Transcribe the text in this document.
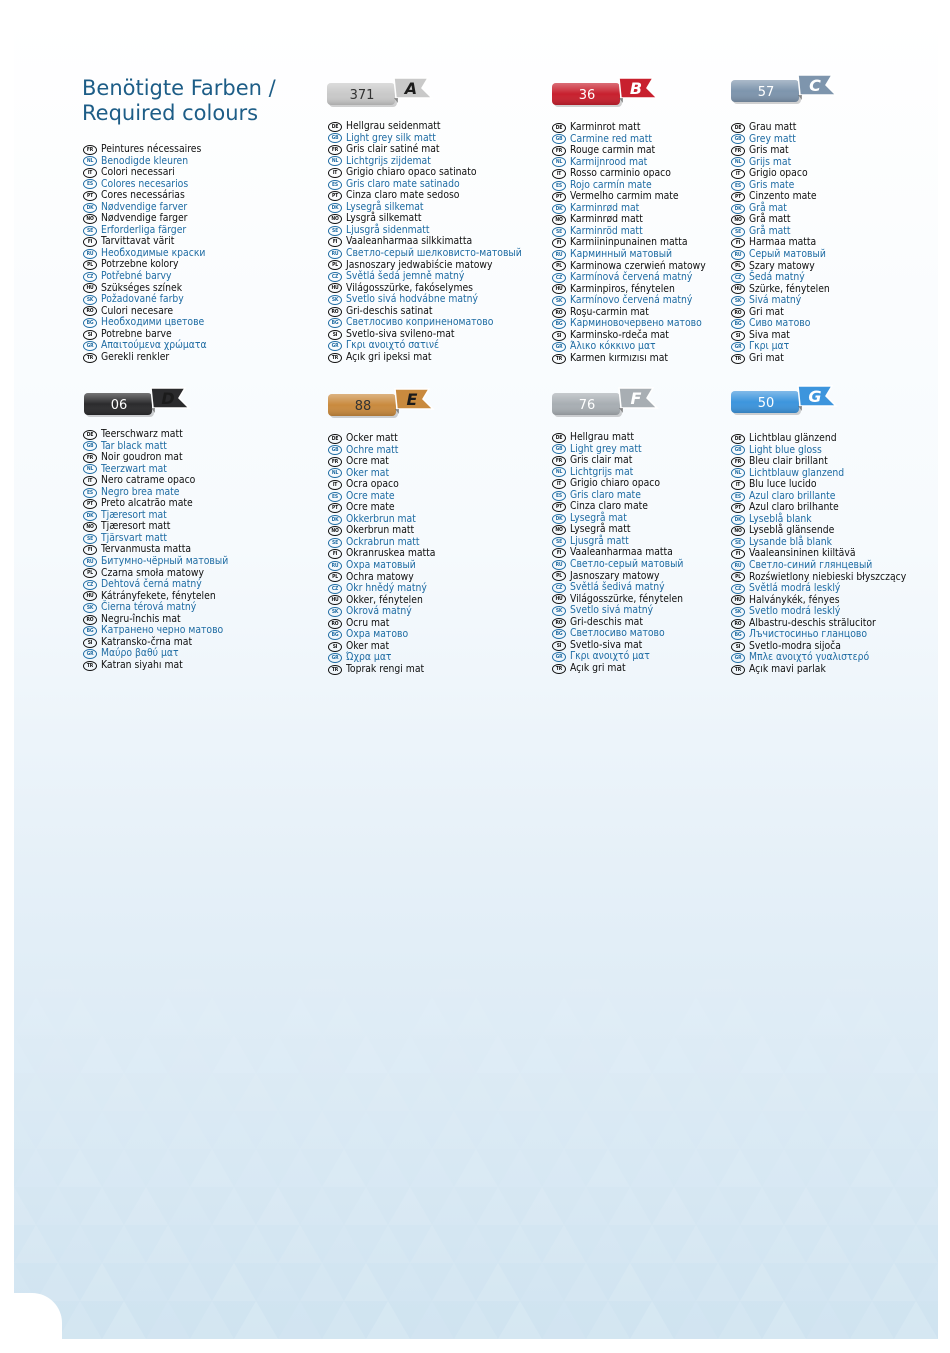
Benötigte Farben /
Required colours
FR Peintures nécessaires
NL Benodigde kleuren
IT Colori necessari
ES Colores necesarios
PT Cores necessárias
DK Nødvendige farver
NO Nødvendige farger
SE Erforderliga färger
FI Tarvittavat värit
RU Необходимые краски
PL Potrzebne kolory
CZ Potřebné barvy
HU Szükséges színek
SK Požadované farby
RO Culori necesare
BG Необходими цветове
SI Potrebne barve
GR Απαιτούμενα χρώματα
TR Gerekli renkler
371	A
DE Hellgrau seidenmatt
GB Light grey silk matt
FR Gris clair satiné mat
NL Lichtgrijs zijdemat
IT Grigio chiaro opaco satinato
ES Gris claro mate satinado
PT Cinza claro mate sedoso
DK Lysegrå silkemat
NO Lysgrå silkematt
SE Ljusgrå sidenmatt
FI Vaaleanharmaa silkkimatta
RU Светло-серый шелковисто-матовый
PL Jasnoszary jedwabiście matowy
CZ Světlá šedá jemně matný
HU Világosszürke, fakóselymes
SK Svetlo sivá hodvábne matný
RO Gri-deschis satinat
BG Светлосиво коприненоматово
SI Svetlo-siva svileno-mat
GR Γκρι ανοιχτό σατινέ
TR Açık gri ipeksi mat
36	B
DE Karminrot matt
GB Carmine red matt
FR Rouge carmin mat
NL Karmijnrood mat
IT Rosso carminio opaco
ES Rojo carmín mate
PT Vermelho carmim mate
DK Karminrød mat
NO Karminrød matt
SE Karminröd matt
FI Karmiininpunainen matta
RU Карминный матовый
PL Karminowa czerwień matowy
CZ Karmínová červená matný
HU Karminpiros, fénytelen
SK Karmínovo červená matný
RO Roşu-carmin mat
BG Карминовочервено матово
SI Karminsko-rdeča mat
GR Άλικο κόκκινο ματ
TR Karmen kırmızısı mat
57	C
DE Grau matt
GB Grey matt
FR Gris mat
NL Grijs mat
IT Grigio opaco
ES Gris mate
PT Cinzento mate
DK Grå mat
NO Grå matt
SE Grå matt
FI Harmaa matta
RU Серый матовый
PL Szary matowy
CZ Šedá matný
HU Szürke, fénytelen
SK Sivá matný
RO Gri mat
BG Сиво матово
SI Siva mat
GR Γκρι ματ
TR Gri mat
06	D
DE Teerschwarz matt
GB Tar black matt
FR Noir goudron mat
NL Teerzwart mat
IT Nero catrame opaco
ES Negro brea mate
PT Preto alcatrão mate
DK Tjæresort mat
NO Tjæresort matt
SE Tjärsvart matt
FI Tervanmusta matta
RU Битумно-чёрный матовый
PL Czarna smoła matowy
CZ Dehtová černá matný
HU Kátrányfekete, fénytelen
SK Čierna térová matný
RO Negru-închis mat
BG Катранено черно матово
SI Katransko-črna mat
GR Μαύρο βαθύ ματ
TR Katran siyahı mat
88	E
DE Ocker matt
GB Ochre matt
FR Ocre mat
NL Oker mat
IT Ocra opaco
ES Ocre mate
PT Ocre mate
DK Okkerbrun mat
NO Okerbrun matt
SE Ockrabrun matt
FI Okranruskea matta
RU Охра матовый
PL Ochra matowy
CZ Okr hnědý matný
HU Okker, fénytelen
SK Okrová matný
RO Ocru mat
BG Охра матово
SI Oker mat
GR Ώχρα ματ
TR Toprak rengi mat
76	F
DE Hellgrau matt
GB Light grey matt
FR Gris clair mat
NL Lichtgrijs mat
IT Grigio chiaro opaco
ES Gris claro mate
PT Cinza claro mate
DK Lysegrå mat
NO Lysegrå matt
SE Ljusgrå matt
FI Vaaleanharmaa matta
RU Светло-серый матовый
PL Jasnoszary matowy
CZ Světlá šedivá matný
HU Világosszürke, fénytelen
SK Svetlo sivá matný
RO Gri-deschis mat
BG Светлосиво матово
SI Svetlo-siva mat
GR Γκρι ανοιχτό ματ
TR Açık gri mat
50	G
DE Lichtblau glänzend
GB Light blue gloss
FR Bleu clair brillant
NL Lichtblauw glanzend
IT Blu luce lucido
ES Azul claro brillante
PT Azul claro brilhante
DK Lyseblå blank
NO Lyseblå glänsende
SE Lysande blå blank
FI Vaaleansininen kiiltävä
RU Светло-синий глянцевый
PL Rozświetlony niebieski błyszczący
CZ Světlá modrá lesklý
HU Halványkék, fényes
SK Svetlo modrá lesklý
RO Albastru-deschis strălucitor
BG Лъчистосиньо гланцово
SI Svetlo-modra sijoča
GR Μπλε ανοιχτό γυαλιστερό
TR Açık mavi parlak
